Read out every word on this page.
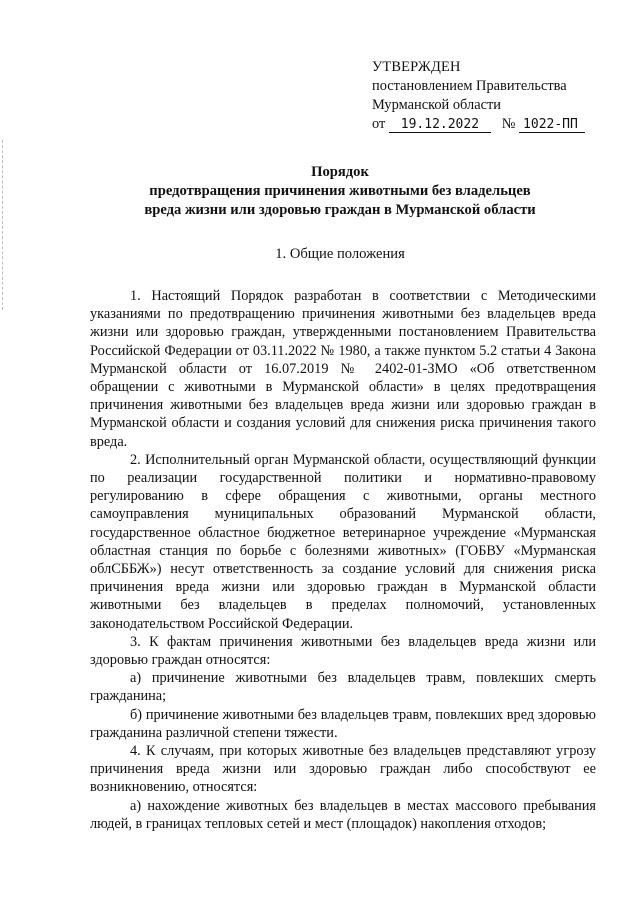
УТВЕРЖДЕН
постановлением Правительства
Мурманской области
от 19.12.2022 № 1022-ПП
Порядок
предотвращения причинения животными без владельцев
вреда жизни или здоровью граждан в Мурманской области
1. Общие положения

1. Настоящий Порядок разработан в соответствии с Методическими указаниями по предотвращению причинения животными без владельцев вреда жизни или здоровью граждан, утвержденными постановлением Правительства Российской Федерации от 03.11.2022 № 1980, а также пунктом 5.2 статьи 4 Закона Мурманской области от 16.07.2019 № 2402-01-ЗМО «Об ответственном обращении с животными в Мурманской области» в целях предотвращения причинения животными без владельцев вреда жизни или здоровью граждан в Мурманской области и создания условий для снижения риска причинения такого вреда.

2. Исполнительный орган Мурманской области, осуществляющий функции по реализации государственной политики и нормативно-правовому регулированию в сфере обращения с животными, органы местного самоуправления муниципальных образований Мурманской области, государственное областное бюджетное ветеринарное учреждение «Мурманская областная станция по борьбе с болезнями животных» (ГОБВУ «Мурманская облСББЖ») несут ответственность за создание условий для снижения риска причинения вреда жизни или здоровью граждан в Мурманской области животными без владельцев в пределах полномочий, установленных законодательством Российской Федерации.

3. К фактам причинения животными без владельцев вреда жизни или здоровью граждан относятся:

а) причинение животными без владельцев травм, повлекших смерть гражданина;

б) причинение животными без владельцев травм, повлекших вред здоровью гражданина различной степени тяжести.

4. К случаям, при которых животные без владельцев представляют угрозу причинения вреда жизни или здоровью граждан либо способствуют ее возникновению, относятся:

а) нахождение животных без владельцев в местах массового пребывания людей, в границах тепловых сетей и мест (площадок) накопления отходов;
